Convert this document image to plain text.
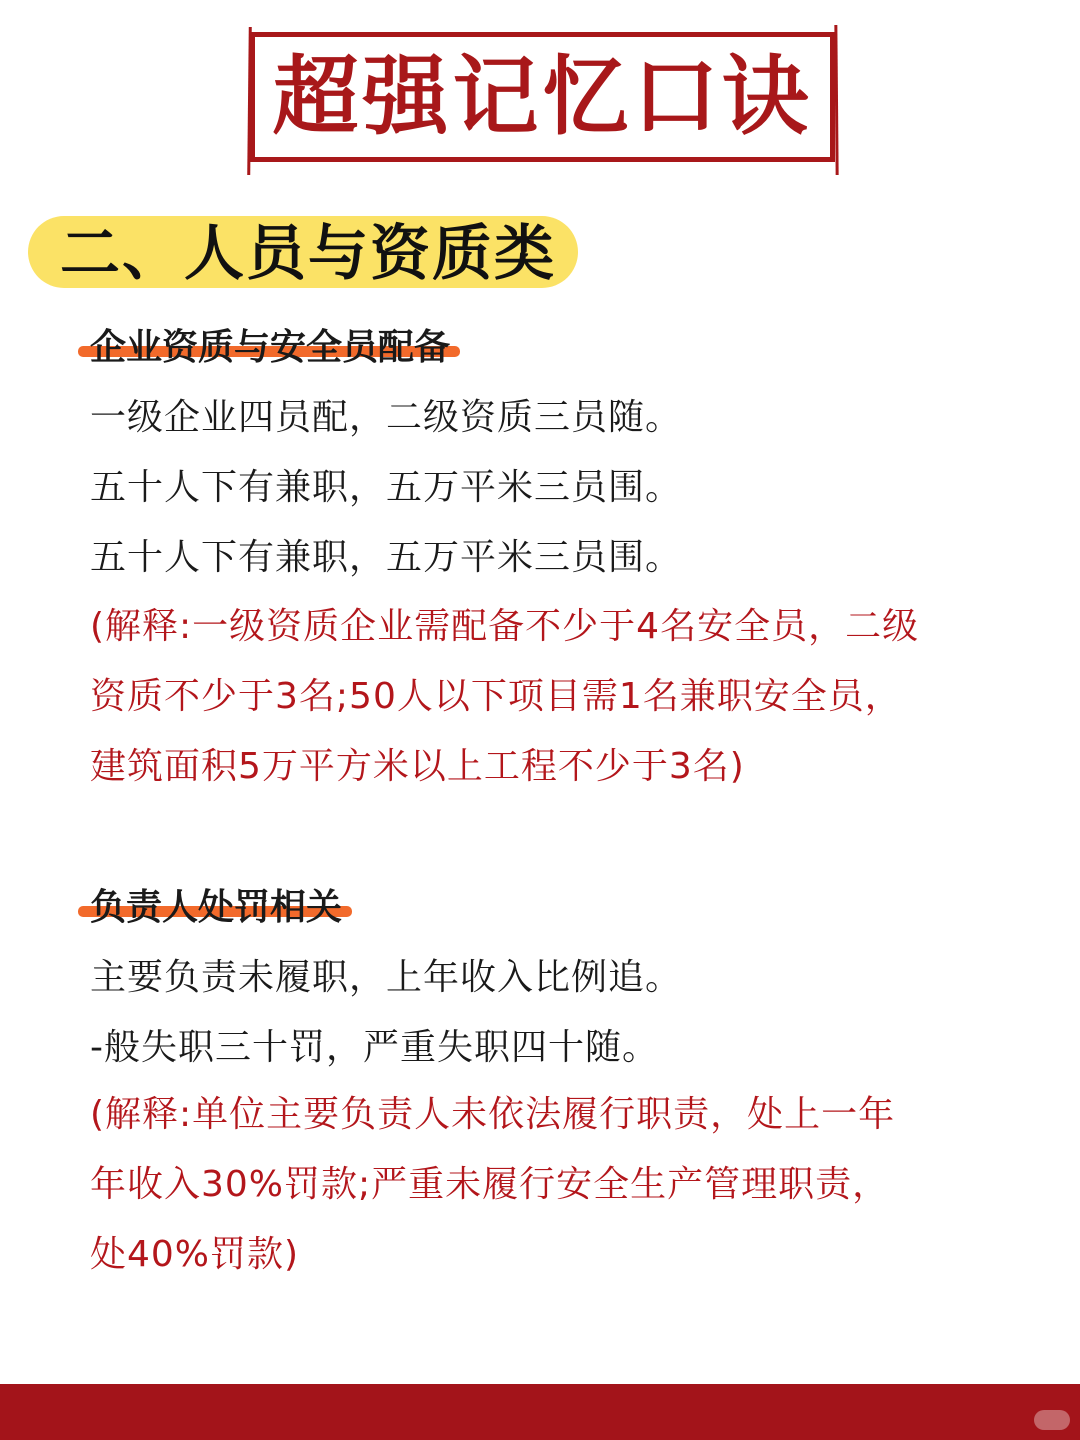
超强记忆口诀
二、人员与资质类
企业资质与安全员配备
一级企业四员配，二级资质三员随。
五十人下有兼职，五万平米三员围。
五十人下有兼职，五万平米三员围。
(解释:一级资质企业需配备不少于4名安全员，二级
资质不少于3名;50人以下项目需1名兼职安全员，
建筑面积5万平方米以上工程不少于3名)
负责人处罚相关
主要负责未履职，上年收入比例追。
-般失职三十罚，严重失职四十随。
(解释:单位主要负责人未依法履行职责，处上一年
年收入30%罚款;严重未履行安全生产管理职责，
处40%罚款)
